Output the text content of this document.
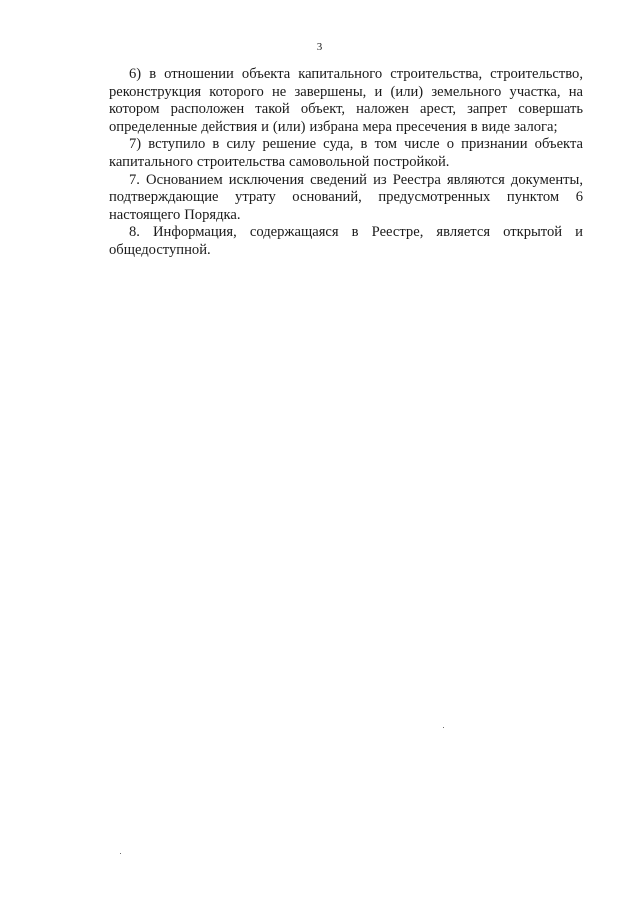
3

6) в отношении объекта капитального строительства, строительство, реконструкция которого не завершены, и (или) земельного участка, на котором расположен такой объект, наложен арест, запрет совершать определенные действия и (или) избрана мера пресечения в виде залога;

7) вступило в силу решение суда, в том числе о признании объекта капитального строительства самовольной постройкой.

7. Основанием исключения сведений из Реестра являются документы, подтверждающие утрату оснований, предусмотренных пунктом 6 настоящего Порядка.

8. Информация, содержащаяся в Реестре, является открытой и общедоступной.
